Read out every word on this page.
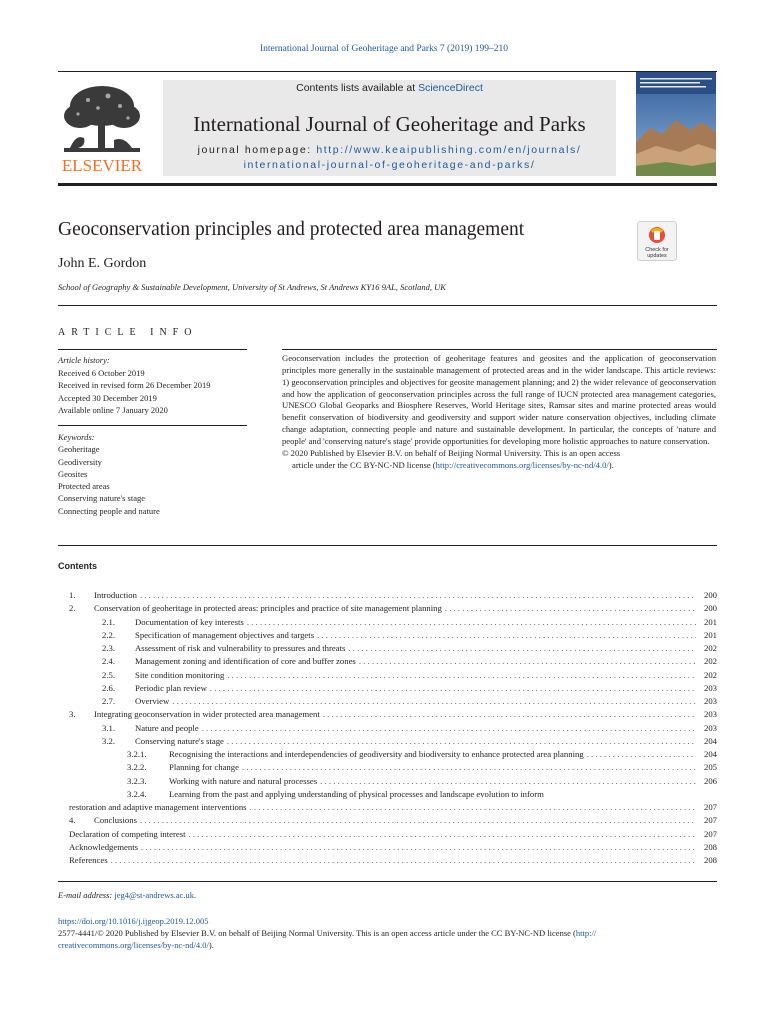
International Journal of Geoheritage and Parks 7 (2019) 199–210
ELSEVIER
Contents lists available at ScienceDirect
International Journal of Geoheritage and Parks
journal homepage: http://www.keaipublishing.com/en/journals/
international-journal-of-geoheritage-and-parks/
Geoconservation principles and protected area management
John E. Gordon
School of Geography & Sustainable Development, University of St Andrews, St Andrews KY16 9AL, Scotland, UK
Check for
updates
ARTICLE INFO
Article history:
Received 6 October 2019
Received in revised form 26 December 2019
Accepted 30 December 2019
Available online 7 January 2020
Keywords:
Geoheritage
Geodiversity
Geosites
Protected areas
Conserving nature's stage
Connecting people and nature

Geoconservation includes the protection of geoheritage features and geosites and the application of geoconservation principles more generally in the sustainable management of protected areas and in the wider landscape. This article reviews: 1) geoconservation principles and objectives for geosite management planning; and 2) the wider relevance of geoconservation and how the application of geoconservation principles across the full range of IUCN protected area management categories, UNESCO Global Geoparks and Biosphere Reserves, World Heritage sites, Ramsar sites and marine protected areas would benefit conservation of biodiversity and geodiversity and support wider nature conservation objectives, including climate change adaptation, connecting people and nature and sustainable development. In particular, the concepts of 'nature and people' and 'conserving nature's stage' provide opportunities for developing more holistic approaches to nature conservation.

© 2020 Published by Elsevier B.V. on behalf of Beijing Normal University. This is an open access

article under the CC BY-NC-ND license (http://creativecommons.org/licenses/by-nc-nd/4.0/).

Contents
1.	Introduction . . .	200
2.	Conservation of geoheritage in protected areas: principles and practice of site management planning . . .	200
2.1.	Documentation of key interests . . .	201
2.2.	Specification of management objectives and targets . . .	201
2.3.	Assessment of risk and vulnerability to pressures and threats . . .	202
2.4.	Management zoning and identification of core and buffer zones . . .	202
2.5.	Site condition monitoring . . .	202
2.6.	Periodic plan review . . .	203
2.7.	Overview . . .	203
3.	Integrating geoconservation in wider protected area management . . .	203
3.1.	Nature and people . . .	203
3.2.	Conserving nature's stage . . .	204
3.2.1.	Recognising the interactions and interdependencies of geodiversity and biodiversity to enhance protected area planning . . .	204
3.2.2.	Planning for change . . .	205
3.2.3.	Working with nature and natural processes . . .	206
3.2.4.	Learning from the past and applying understanding of physical processes and landscape evolution to inform
restoration and adaptive management interventions . . .	207
4.	Conclusions . . .	207
Declaration of competing interest . . .	207
Acknowledgements . . .	208
References . . .	208
E-mail address: jeg4@st-andrews.ac.uk.
https://doi.org/10.1016/j.ijgeop.2019.12.005
2577-4441/© 2020 Published by Elsevier B.V. on behalf of Beijing Normal University. This is an open access article under the CC BY-NC-ND license (http://
creativecommons.org/licenses/by-nc-nd/4.0/).
